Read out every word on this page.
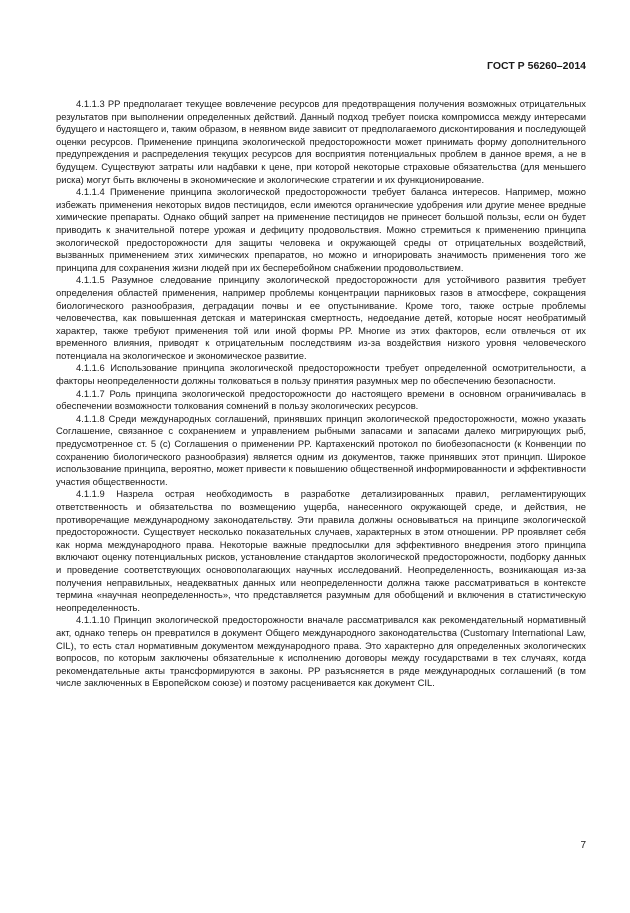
ГОСТ Р 56260–2014

4.1.1.3 PP предполагает текущее вовлечение ресурсов для предотвращения получения возможных отрицательных результатов при выполнении определенных действий. Данный подход требует поиска компромисса между интересами будущего и настоящего и, таким образом, в неявном виде зависит от предполагаемого дисконтирования и последующей оценки ресурсов. Применение принципа экологической предосторожности может принимать форму дополнительного предупреждения и распределения текущих ресурсов для восприятия потенциальных проблем в данное время, а не в будущем. Существуют затраты или надбавки к цене, при которой некоторые страховые обязательства (для меньшего риска) могут быть включены в экономические и экологические стратегии и их функционирование.

4.1.1.4 Применение принципа экологической предосторожности требует баланса интересов. Например, можно избежать применения некоторых видов пестицидов, если имеются органические удобрения или другие менее вредные химические препараты. Однако общий запрет на применение пестицидов не принесет большой пользы, если он будет приводить к значительной потере урожая и дефициту продовольствия. Можно стремиться к применению принципа экологической предосторожности для защиты человека и окружающей среды от отрицательных воздействий, вызванных применением этих химических препаратов, но можно и игнорировать значимость применения того же принципа для сохранения жизни людей при их бесперебойном снабжении продовольствием.

4.1.1.5 Разумное следование принципу экологической предосторожности для устойчивого развития требует определения областей применения, например проблемы концентрации парниковых газов в атмосфере, сокращения биологического разнообразия, деградации почвы и ее опустынивание. Кроме того, также острые проблемы человечества, как повышенная детская и материнская смертность, недоедание детей, которые носят необратимый характер, также требуют применения той или иной формы PP. Многие из этих факторов, если отвлечься от их временного влияния, приводят к отрицательным последствиям из-за воздействия низкого уровня человеческого потенциала на экологическое и экономическое развитие.

4.1.1.6 Использование принципа экологической предосторожности требует определенной осмотрительности, а факторы неопределенности должны толковаться в пользу принятия разумных мер по обеспечению безопасности.

4.1.1.7 Роль принципа экологической предосторожности до настоящего времени в основном ограничивалась в обеспечении возможности толкования сомнений в пользу экологических ресурсов.

4.1.1.8 Среди международных соглашений, принявших принцип экологической предосторожности, можно указать Соглашение, связанное с сохранением и управлением рыбными запасами и запасами далеко мигрирующих рыб, предусмотренное ст. 5 (с) Соглашения о применении PP. Картахенский протокол по биобезопасности (к Конвенции по сохранению биологического разнообразия) является одним из документов, также принявших этот принцип. Широкое использование принципа, вероятно, может привести к повышению общественной информированности и эффективности участия общественности.

4.1.1.9 Назрела острая необходимость в разработке детализированных правил, регламентирующих ответственность и обязательства по возмещению ущерба, нанесенного окружающей среде, и действия, не противоречащие международному законодательству. Эти правила должны основываться на принципе экологической предосторожности. Существует несколько показательных случаев, характерных в этом отношении. PP проявляет себя как норма международного права. Некоторые важные предпосылки для эффективного внедрения этого принципа включают оценку потенциальных рисков, установление стандартов экологической предосторожности, подборку данных и проведение соответствующих основополагающих научных исследований. Неопределенность, возникающая из-за получения неправильных, неадекватных данных или неопределенности должна также рассматриваться в контексте термина «научная неопределенность», что представляется разумным для обобщений и включения в статистическую неопределенность.

4.1.1.10 Принцип экологической предосторожности вначале рассматривался как рекомендательный нормативный акт, однако теперь он превратился в документ Общего международного законодательства (Customary International Law, CIL), то есть стал нормативным документом международного права. Это характерно для определенных экологических вопросов, по которым заключены обязательные к исполнению договоры между государствами в тех случаях, когда рекомендательные акты трансформируются в законы. PP разъясняется в ряде международных соглашений (в том числе заключенных в Европейском союзе) и поэтому расценивается как документ CIL.

7
